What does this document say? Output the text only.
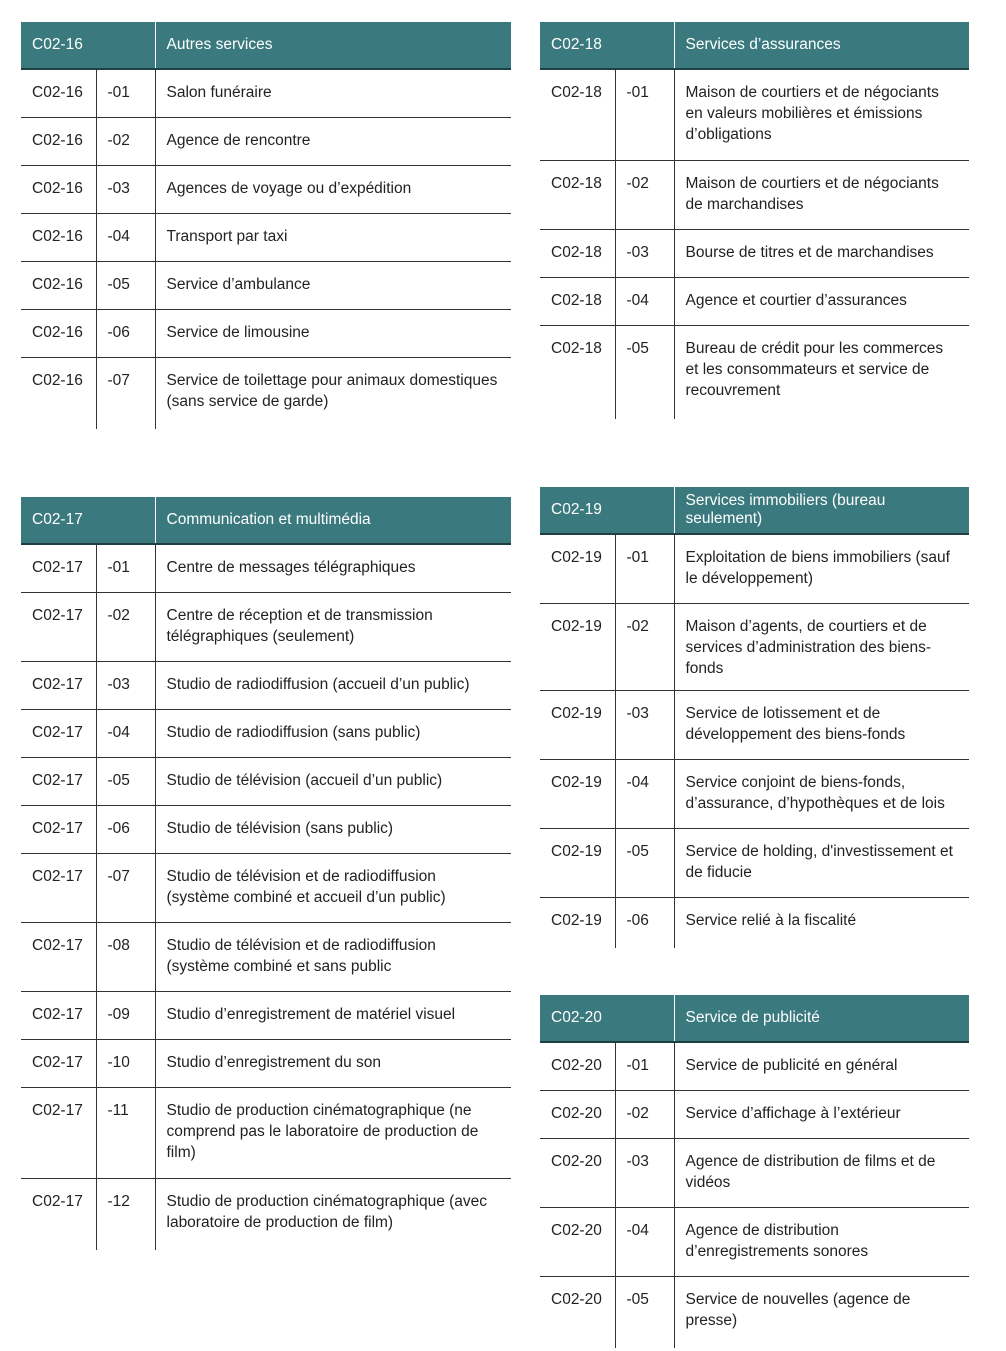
C02-16		Autres services
C02-16	-01	Salon funéraire
C02-16	-02	Agence de rencontre
C02-16	-03	Agences de voyage ou d’expédition
C02-16	-04	Transport par taxi
C02-16	-05	Service d’ambulance
C02-16	-06	Service de limousine
C02-16	-07	Service de toilettage pour animaux domestiques (sans service de garde)
C02-17		Communication et multimédia
C02-17	-01	Centre de messages télégraphiques
C02-17	-02	Centre de réception et de transmission télégraphiques (seulement)
C02-17	-03	Studio de radiodiffusion (accueil d’un public)
C02-17	-04	Studio de radiodiffusion (sans public)
C02-17	-05	Studio de télévision (accueil d’un public)
C02-17	-06	Studio de télévision (sans public)
C02-17	-07	Studio de télévision et de radiodiffusion (système combiné et accueil d’un public)
C02-17	-08	Studio de télévision et de radiodiffusion (système combiné et sans public
C02-17	-09	Studio d’enregistrement de matériel visuel
C02-17	-10	Studio d’enregistrement du son
C02-17	-11	Studio de production cinématographique (ne comprend pas le laboratoire de production de film)
C02-17	-12	Studio de production cinématographique (avec laboratoire de production de film)
C02-18		Services d’assurances
C02-18	-01	Maison de courtiers et de négociants en valeurs mobilières et émissions d’obligations
C02-18	-02	Maison de courtiers et de négociants de marchandises
C02-18	-03	Bourse de titres et de marchandises
C02-18	-04	Agence et courtier d’assurances
C02-18	-05	Bureau de crédit pour les commerces et les consommateurs et service de recouvrement
C02-19		Services immobiliers (bureau seulement)
C02-19	-01	Exploitation de biens immobiliers (sauf le développement)
C02-19	-02	Maison d’agents, de courtiers et de services d’administration des biens-fonds
C02-19	-03	Service de lotissement et de développement des biens-fonds
C02-19	-04	Service conjoint de biens-fonds, d’assurance, d’hypothèques et de lois
C02-19	-05	Service de holding, d'investissement et de fiducie
C02-19	-06	Service relié à la fiscalité
C02-20		Service de publicité
C02-20	-01	Service de publicité en général
C02-20	-02	Service d’affichage à l’extérieur
C02-20	-03	Agence de distribution de films et de vidéos
C02-20	-04	Agence de distribution d’enregistrements sonores
C02-20	-05	Service de nouvelles (agence de presse)
